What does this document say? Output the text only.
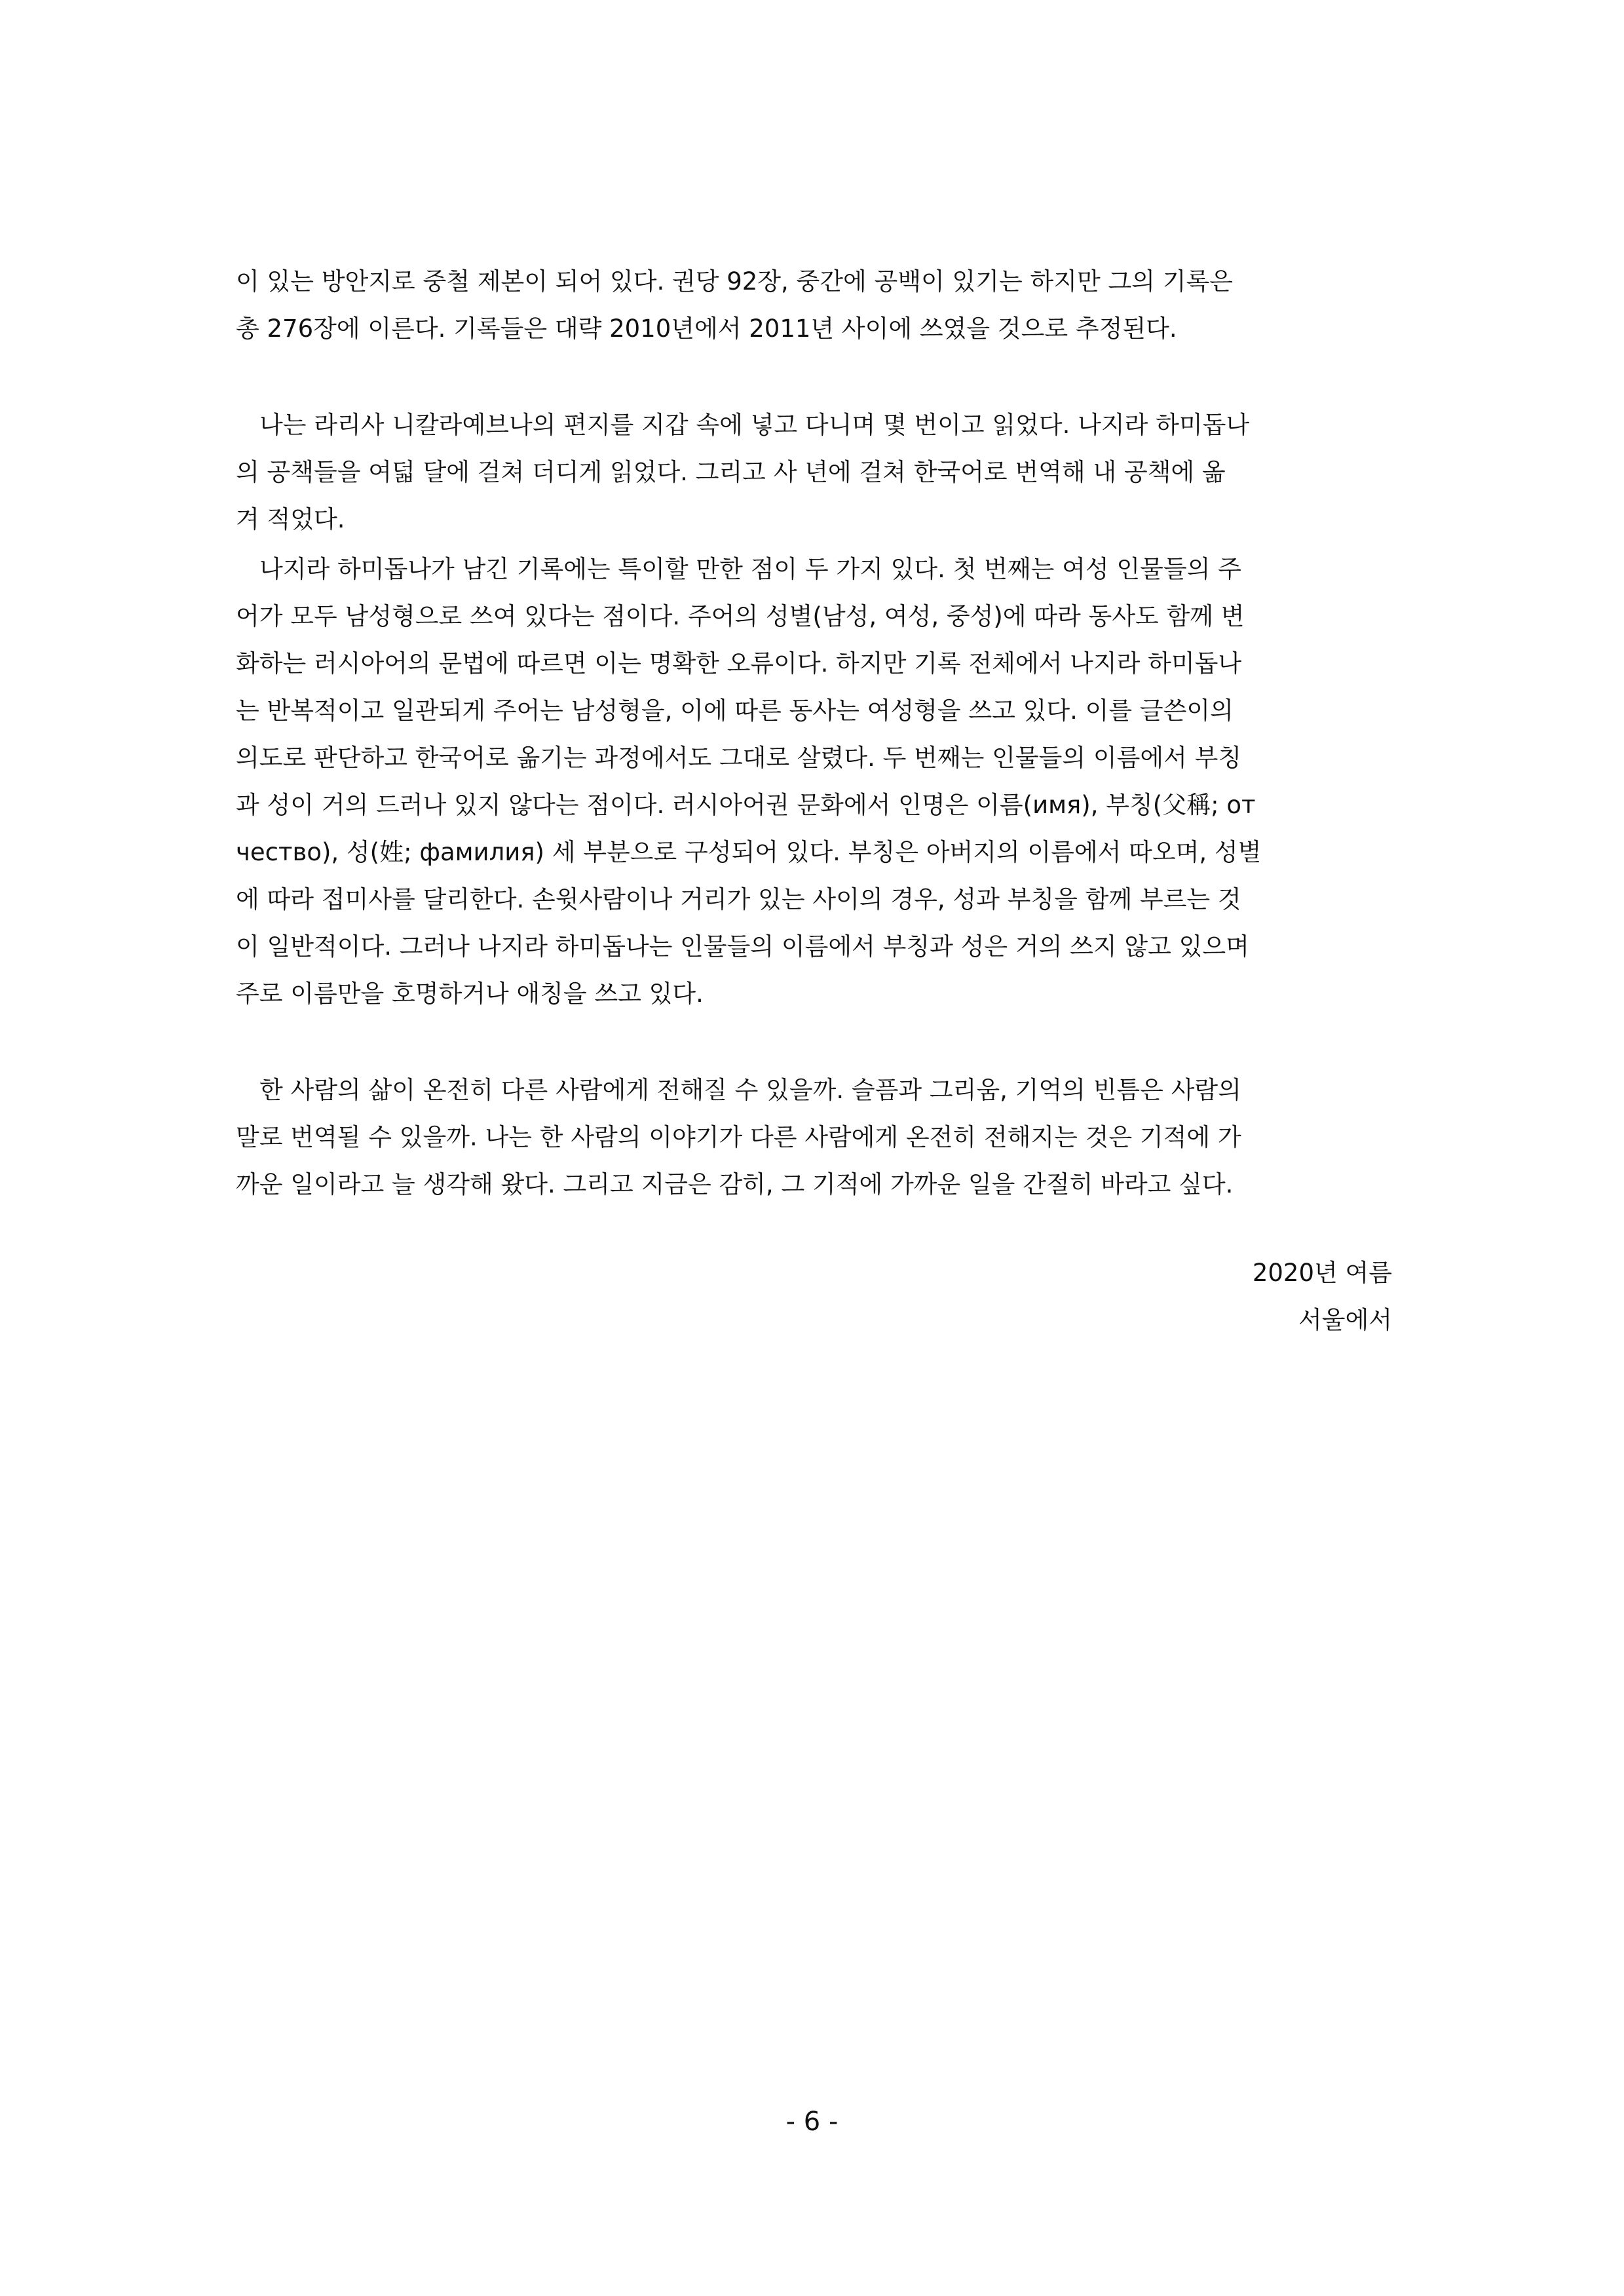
이 있는 방안지로 중철 제본이 되어 있다. 권당 92장, 중간에 공백이 있기는 하지만 그의 기록은
총 276장에 이른다. 기록들은 대략 2010년에서 2011년 사이에 쓰였을 것으로 추정된다.
나는 라리사 니칼라예브나의 편지를 지갑 속에 넣고 다니며 몇 번이고 읽었다. 나지라 하미돕나
의 공책들을 여덟 달에 걸쳐 더디게 읽었다. 그리고 사 년에 걸쳐 한국어로 번역해 내 공책에 옮
겨 적었다.
나지라 하미돕나가 남긴 기록에는 특이할 만한 점이 두 가지 있다. 첫 번째는 여성 인물들의 주
어가 모두 남성형으로 쓰여 있다는 점이다. 주어의 성별(남성, 여성, 중성)에 따라 동사도 함께 변
화하는 러시아어의 문법에 따르면 이는 명확한 오류이다. 하지만 기록 전체에서 나지라 하미돕나
는 반복적이고 일관되게 주어는 남성형을, 이에 따른 동사는 여성형을 쓰고 있다. 이를 글쓴이의
의도로 판단하고 한국어로 옮기는 과정에서도 그대로 살렸다. 두 번째는 인물들의 이름에서 부칭
과 성이 거의 드러나 있지 않다는 점이다. 러시아어권 문화에서 인명은 이름(имя), 부칭(父稱; от
чество), 성(姓; фамилия) 세 부분으로 구성되어 있다. 부칭은 아버지의 이름에서 따오며, 성별
에 따라 접미사를 달리한다. 손윗사람이나 거리가 있는 사이의 경우, 성과 부칭을 함께 부르는 것
이 일반적이다. 그러나 나지라 하미돕나는 인물들의 이름에서 부칭과 성은 거의 쓰지 않고 있으며
주로 이름만을 호명하거나 애칭을 쓰고 있다.
한 사람의 삶이 온전히 다른 사람에게 전해질 수 있을까. 슬픔과 그리움, 기억의 빈틈은 사람의
말로 번역될 수 있을까. 나는 한 사람의 이야기가 다른 사람에게 온전히 전해지는 것은 기적에 가
까운 일이라고 늘 생각해 왔다. 그리고 지금은 감히, 그 기적에 가까운 일을 간절히 바라고 싶다.
2020년 여름
서울에서
- 6 -
